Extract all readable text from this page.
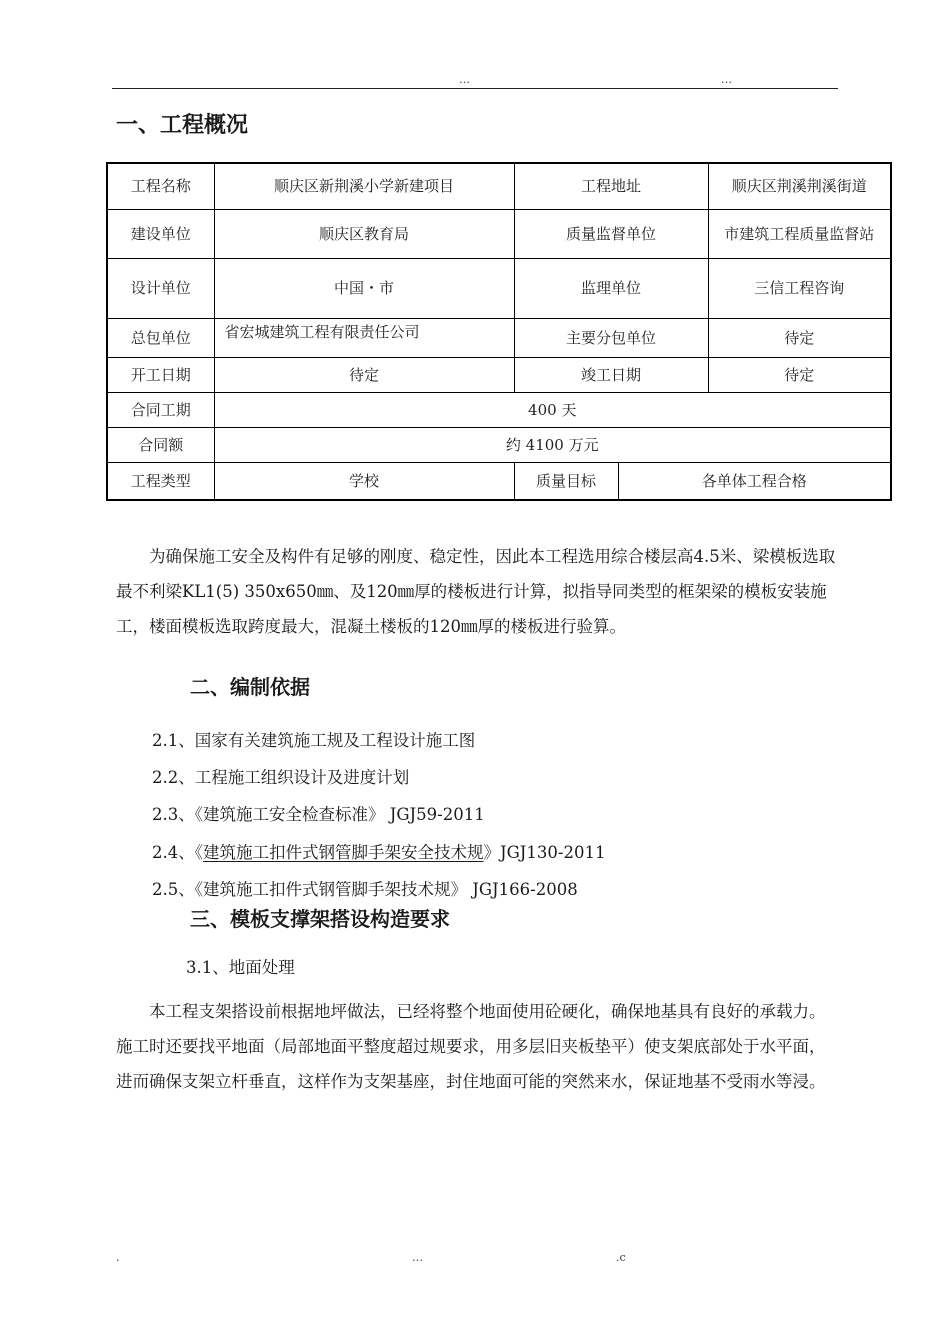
…	…
一、工程概况
工程名称	顺庆区新荆溪小学新建项目	工程地址		顺庆区荆溪荆溪街道
建设单位	顺庆区教育局	质量监督单位		市建筑工程质量监督站
设计单位	中国・市	监理单位		三信工程咨询
总包单位	省宏城建筑工程有限责任公司	主要分包单位		待定
开工日期	待定	竣工日期		待定
合同工期	400 天			
合同额	约 4100 万元			
工程类型	学校	质量目标	各单体工程合格	

为确保施工安全及构件有足够的刚度、稳定性，因此本工程选用综合楼层高4.5米、梁模板选取最不利梁KL1(5) 350x650㎜、及120㎜厚的楼板进行计算，拟指导同类型的框架梁的模板安装施工，楼面模板选取跨度最大，混凝土楼板的120㎜厚的楼板进行验算。

二、编制依据

2.1、国家有关建筑施工规及工程设计施工图

2.2、工程施工组织设计及进度计划

2.3、《建筑施工安全检查标准》 JGJ59-2011

2.4、《建筑施工扣件式钢管脚手架安全技术规》JGJ130-2011

2.5、《建筑施工扣件式钢管脚手架技术规》 JGJ166-2008

三、模板支撑架搭设构造要求

3.1、地面处理

本工程支架搭设前根据地坪做法，已经将整个地面使用砼硬化，确保地基具有良好的承载力。施工时还要找平地面（局部地面平整度超过规要求，用多层旧夹板垫平）使支架底部处于水平面，进而确保支架立杆垂直，这样作为支架基座，封住地面可能的突然来水，保证地基不受雨水等浸。

.	…	.c
